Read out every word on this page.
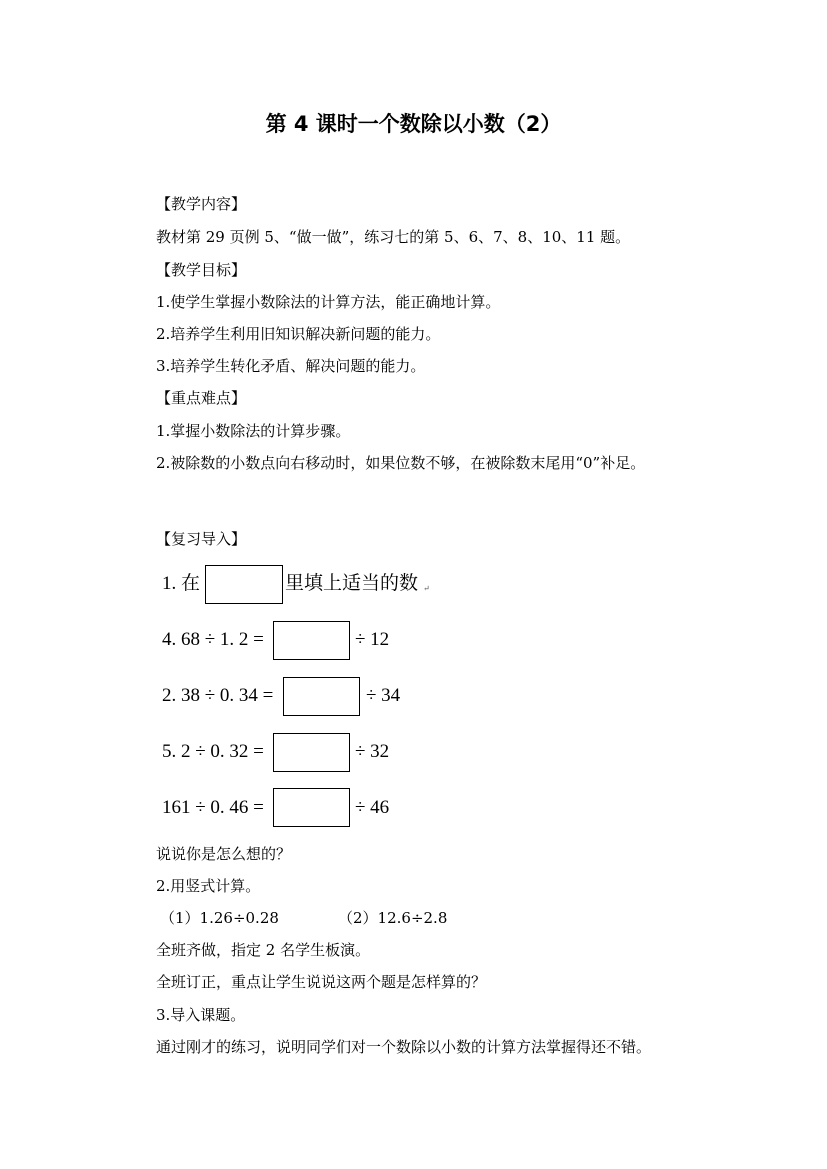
第 4 课时一个数除以小数（2）
【教学内容】
教材第 29 页例 5、“做一做”，练习七的第 5、6、7、8、10、11 题。
【教学目标】
1.使学生掌握小数除法的计算方法，能正确地计算。
2.培养学生利用旧知识解决新问题的能力。
3.培养学生转化矛盾、解决问题的能力。
【重点难点】
1.掌握小数除法的计算步骤。
2.被除数的小数点向右移动时，如果位数不够，在被除数末尾用“0”补足。
【复习导入】
1. 在	里填上适当的数 ↵
4. 68 ÷ 1. 2 =	÷ 12
2. 38 ÷ 0. 34 =	÷ 34
5. 2 ÷ 0. 32 =	÷ 32
161 ÷ 0. 46 =	÷ 46
说说你是怎么想的？
2.用竖式计算。
（1）1.26÷0.28	（2）12.6÷2.8
全班齐做，指定 2 名学生板演。
全班订正，重点让学生说说这两个题是怎样算的？
3.导入课题。
通过刚才的练习，说明同学们对一个数除以小数的计算方法掌握得还不错。
